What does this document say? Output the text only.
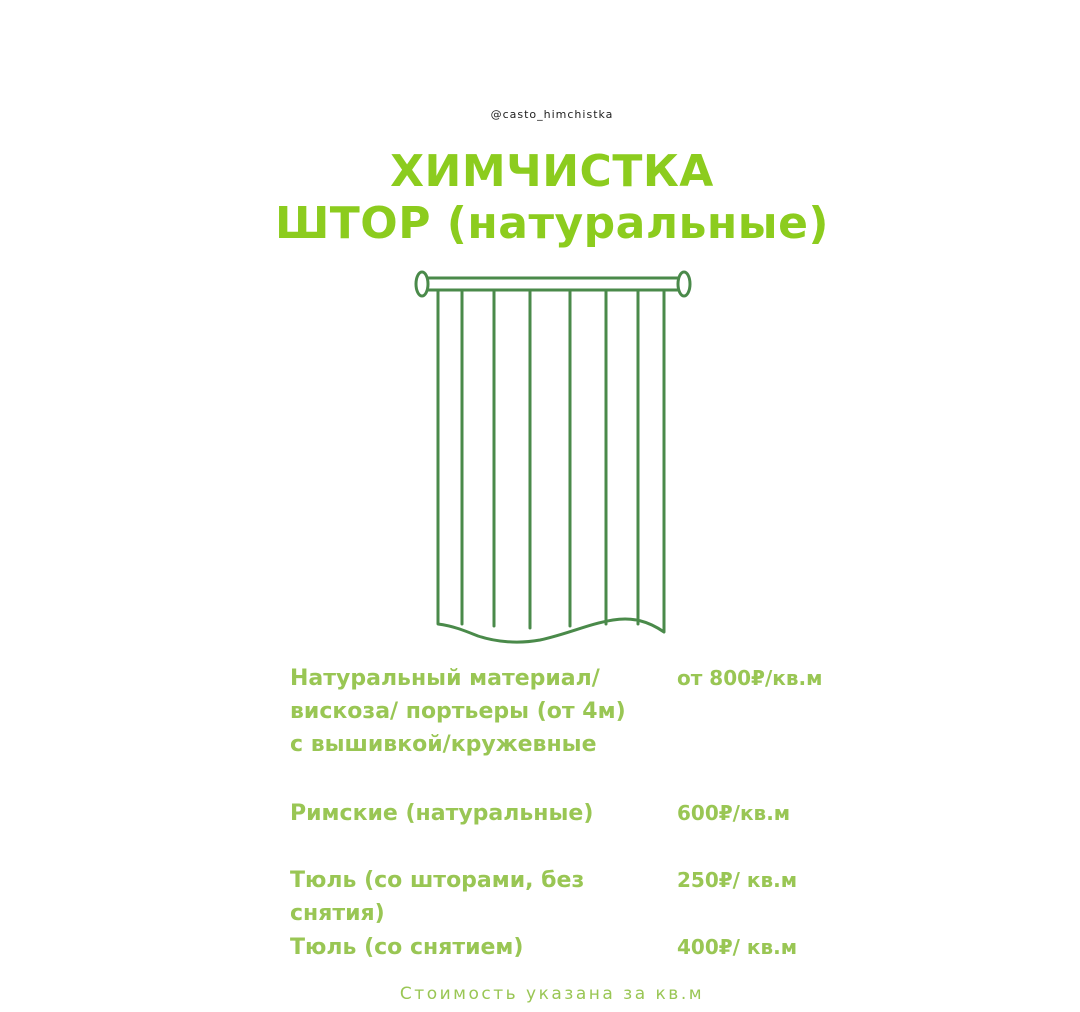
@casto_himchistka
ХИМЧИСТКА
ШТОР (натуральные)
Натуральный материал/
вискоза/ портьеры (от 4м)
с вышивкой/кружевные
от 800₽/кв.м
Римские (натуральные)	600₽/кв.м
Тюль (со шторами, без
снятия)
250₽/ кв.м
Тюль (со снятием)	400₽/ кв.м
Стоимость указана за кв.м
